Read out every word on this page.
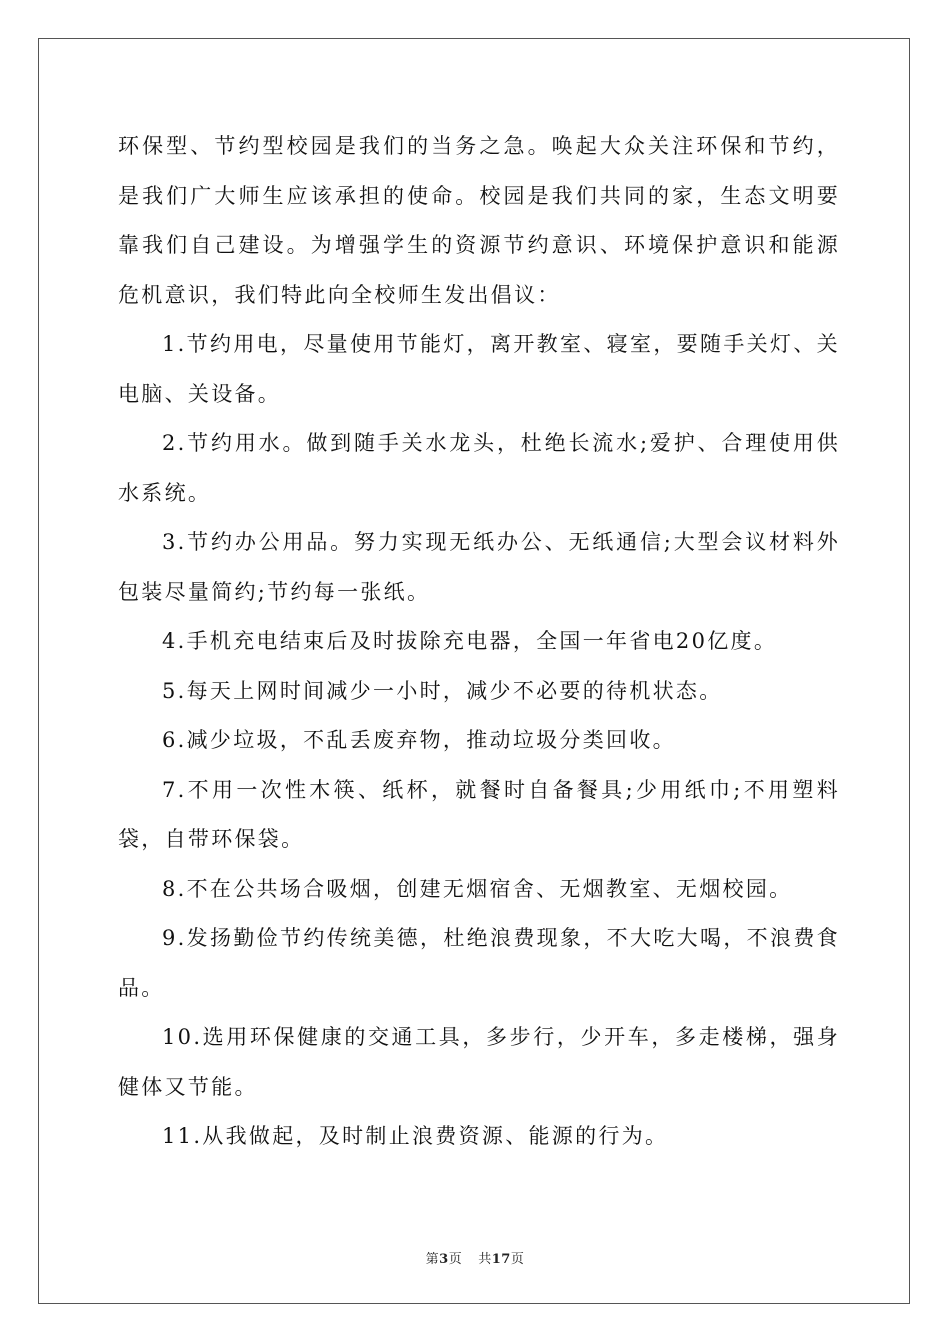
环保型、节约型校园是我们的当务之急。唤起大众关注环保和节约，是我们广大师生应该承担的使命。校园是我们共同的家，生态文明要靠我们自己建设。为增强学生的资源节约意识、环境保护意识和能源危机意识，我们特此向全校师生发出倡议：

1.节约用电，尽量使用节能灯，离开教室、寝室，要随手关灯、关电脑、关设备。

2.节约用水。做到随手关水龙头，杜绝长流水;爱护、合理使用供水系统。

3.节约办公用品。努力实现无纸办公、无纸通信;大型会议材料外包装尽量简约;节约每一张纸。

4.手机充电结束后及时拔除充电器，全国一年省电20亿度。

5.每天上网时间减少一小时，减少不必要的待机状态。

6.减少垃圾，不乱丢废弃物，推动垃圾分类回收。

7.不用一次性木筷、纸杯，就餐时自备餐具;少用纸巾;不用塑料袋，自带环保袋。

8.不在公共场合吸烟，创建无烟宿舍、无烟教室、无烟校园。

9.发扬勤俭节约传统美德，杜绝浪费现象，不大吃大喝，不浪费食品。

10.选用环保健康的交通工具，多步行，少开车，多走楼梯，强身健体又节能。

11.从我做起，及时制止浪费资源、能源的行为。

第3页 共17页
